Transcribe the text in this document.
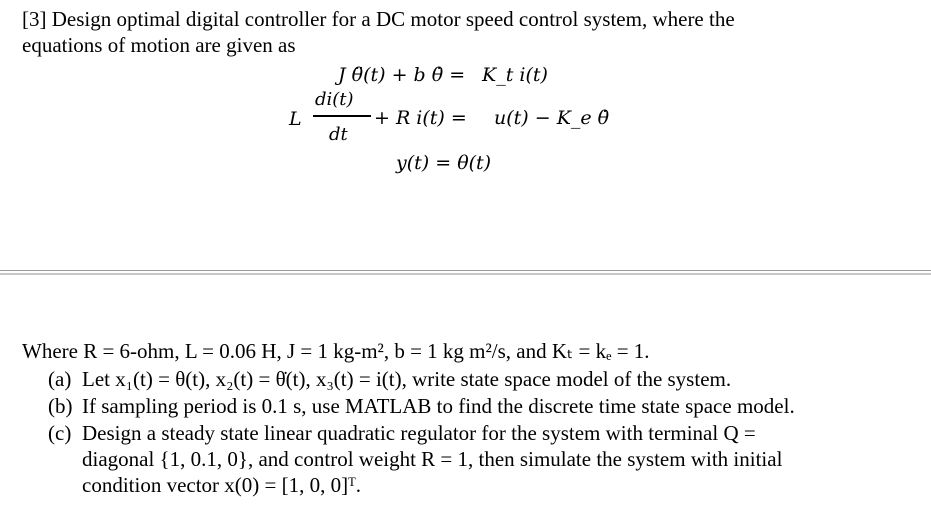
[3] Design optimal digital controller for a DC motor speed control system, where the
equations of motion are given as
J θ̈(t) + b θ̇ = K_t i(t)
L
di(t)
dt
+ R i(t) = u(t) − K_e θ̇
y(t) = θ(t)
Where R = 6-ohm, L = 0.06 H, J = 1 kg-m², b = 1 kg m²/s, and Kₜ = kₑ = 1.
(a) Let x₁(t) = θ(t), x₂(t) = θ̇(t), x₃(t) = i(t), write state space model of the system.
(b) If sampling period is 0.1 s, use MATLAB to find the discrete time state space model.
(c) Design a steady state linear quadratic regulator for the system with terminal Q =
diagonal {1, 0.1, 0}, and control weight R = 1, then simulate the system with initial
condition vector x(0) = [1, 0, 0]ᵀ.
